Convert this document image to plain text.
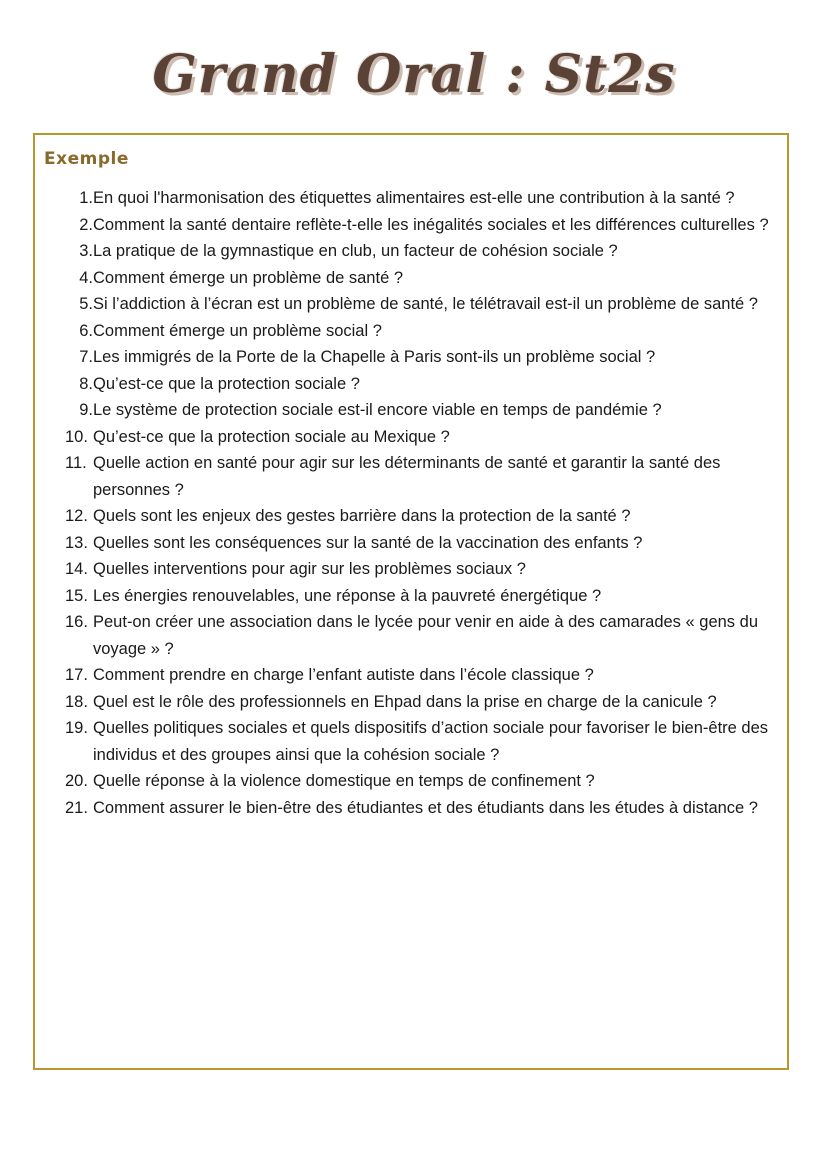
Grand Oral : St2s
Exemple
1. En quoi l'harmonisation des étiquettes alimentaires est-elle une contribution à la santé ?
2. Comment la santé dentaire reflète-t-elle les inégalités sociales et les différences culturelles ?
3. La pratique de la gymnastique en club, un facteur de cohésion sociale ?
4. Comment émerge un problème de santé ?
5. Si l’addiction à l’écran est un problème de santé, le télétravail est-il un problème de santé ?
6. Comment émerge un problème social ?
7. Les immigrés de la Porte de la Chapelle à Paris sont-ils un problème social ?
8. Qu’est-ce que la protection sociale ?
9. Le système de protection sociale est-il encore viable en temps de pandémie ?
10. Qu’est-ce que la protection sociale au Mexique ?
11. Quelle action en santé pour agir sur les déterminants de santé et garantir la santé des personnes ?
12. Quels sont les enjeux des gestes barrière dans la protection de la santé ?
13. Quelles sont les conséquences sur la santé de la vaccination des enfants ?
14. Quelles interventions pour agir sur les problèmes sociaux ?
15. Les énergies renouvelables, une réponse à la pauvreté énergétique ?
16. Peut-on créer une association dans le lycée pour venir en aide à des camarades « gens du voyage » ?
17. Comment prendre en charge l’enfant autiste dans l’école classique ?
18. Quel est le rôle des professionnels en Ehpad dans la prise en charge de la canicule ?
19. Quelles politiques sociales et quels dispositifs d’action sociale pour favoriser le bien-être des individus et des groupes ainsi que la cohésion sociale ?
20. Quelle réponse à la violence domestique en temps de confinement ?
21. Comment assurer le bien-être des étudiantes et des étudiants dans les études à distance ?
